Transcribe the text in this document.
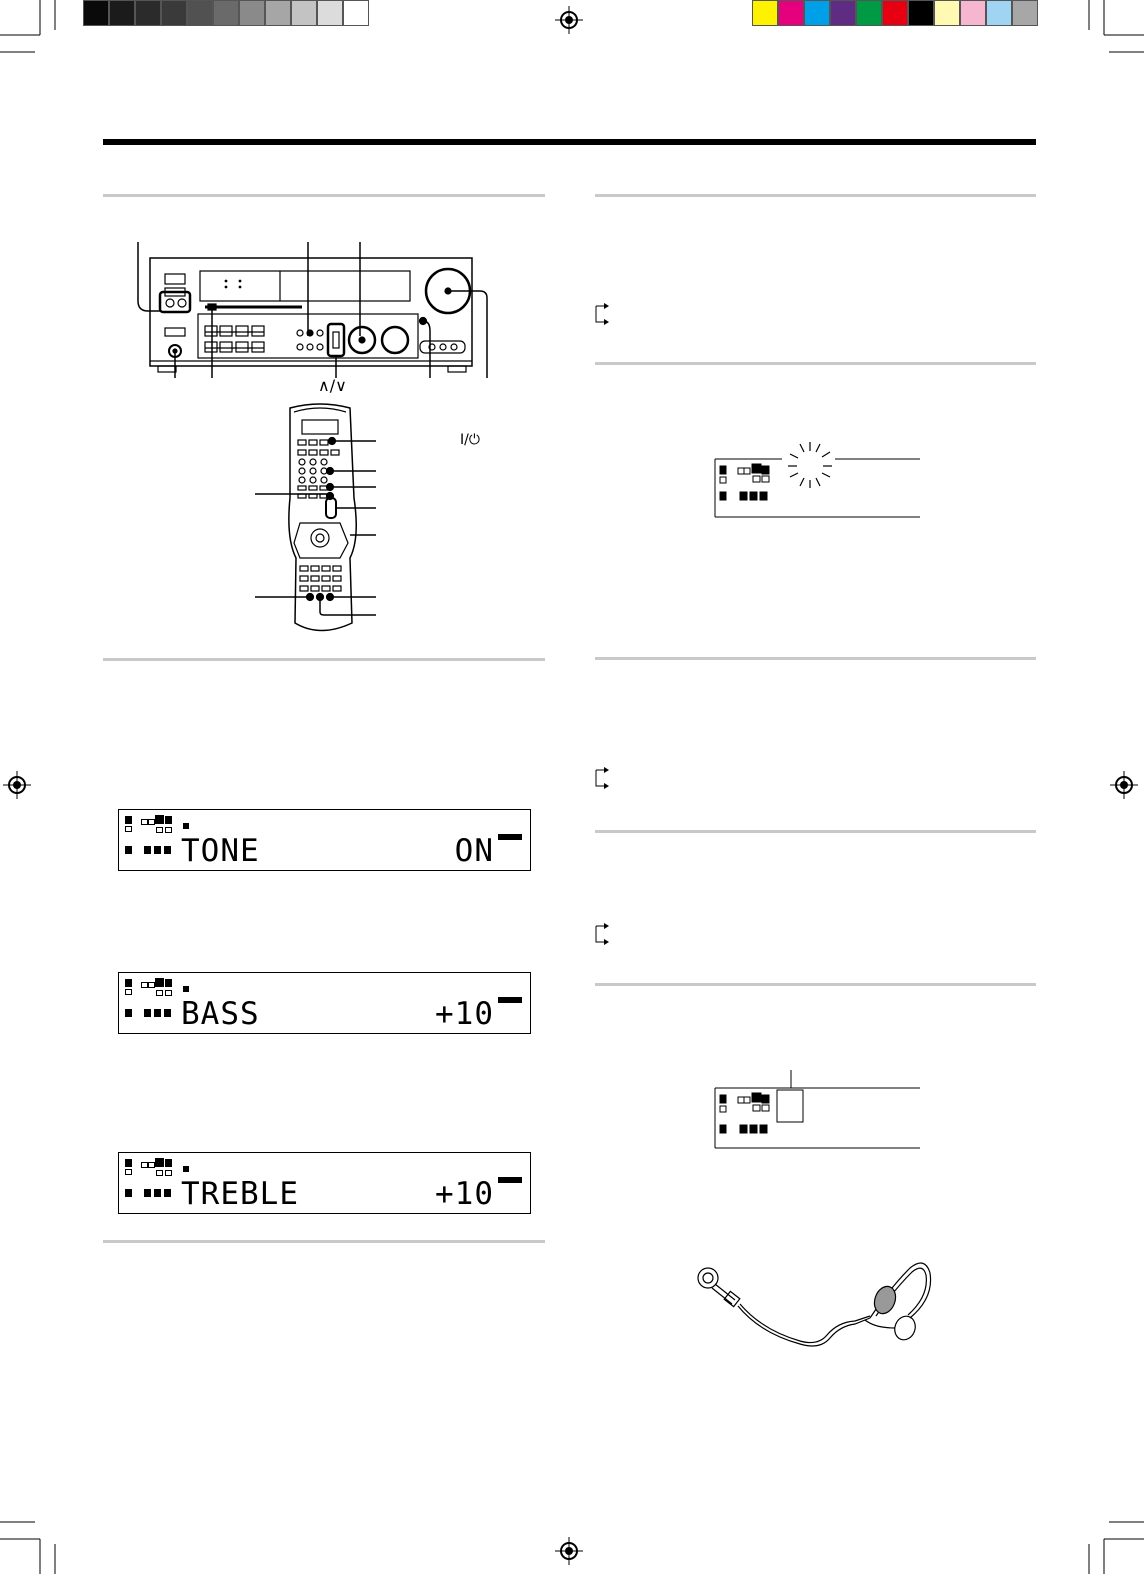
∧/∨
I/⏻
TONE	ON
BASS	+10
TREBLE	+10
